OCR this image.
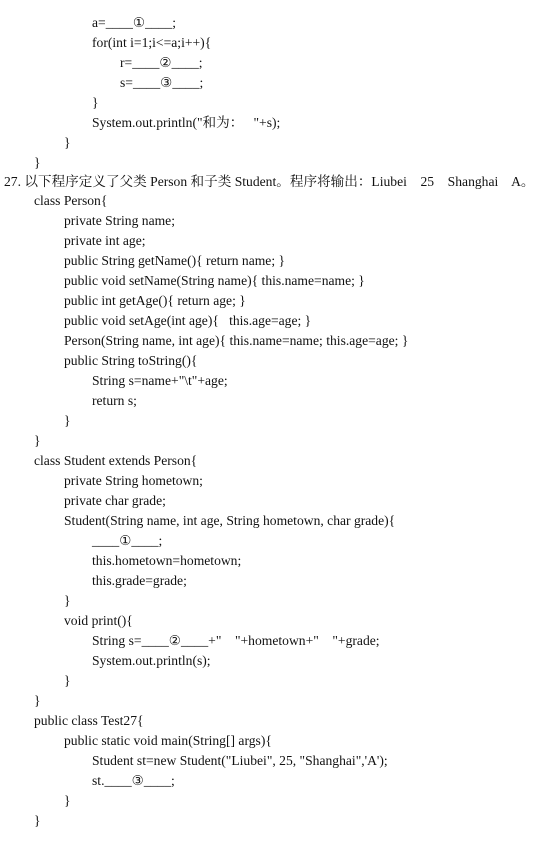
a=____①____;
for(int i=1;i<=a;i++){
r=____②____;
s=____③____;
}
System.out.println("和为：   "+s);
}
}
27. 以下程序定义了父类 Person 和子类 Student。程序将输出：Liubei    25    Shanghai    A。
class Person{
private String name;
private int age;
public String getName(){ return name; }
public void setName(String name){ this.name=name; }
public int getAge(){ return age; }
public void setAge(int age){   this.age=age; }
Person(String name, int age){ this.name=name; this.age=age; }
public String toString(){
String s=name+"\t"+age;
return s;
}
}
class Student extends Person{
private String hometown;
private char grade;
Student(String name, int age, String hometown, char grade){
____①____;
this.hometown=hometown;
this.grade=grade;
}
void print(){
String s=____②____+"    "+hometown+"    "+grade;
System.out.println(s);
}
}
public class Test27{
public static void main(String[] args){
Student st=new Student("Liubei", 25, "Shanghai",'A');
st.____③____;
}
}
